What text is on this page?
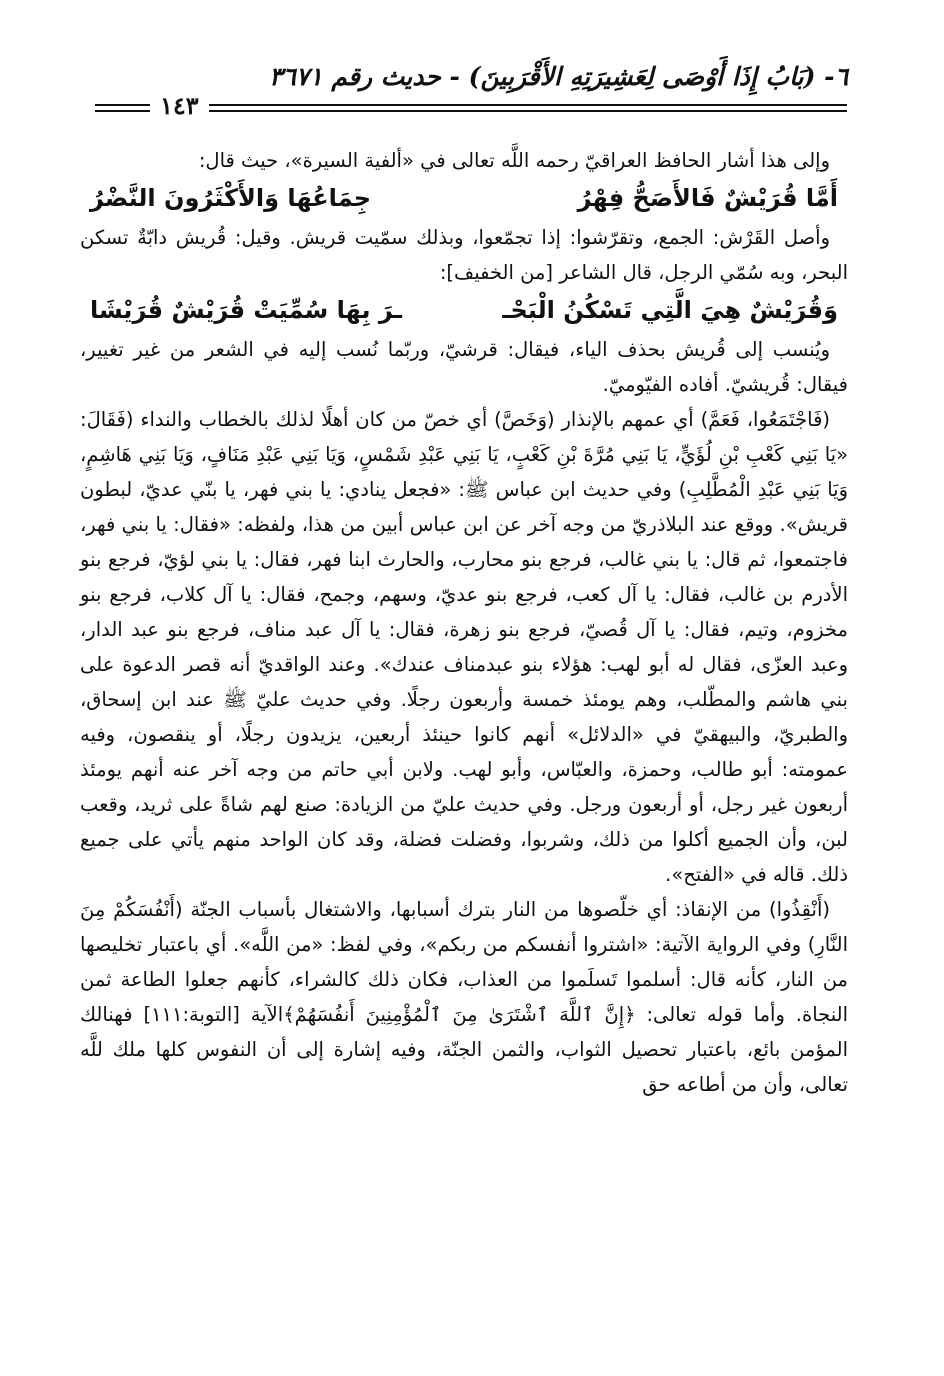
٦- (بَابُ إِذَا أَوْصَى لِعَشِيرَتِهِ الأَقْرَبِينَ) - حديث رقم ٣٦٧١
١٤٣

وإلى هذا أشار الحافظ العراقيّ رحمه اللَّه تعالى في «ألفية السيرة»، حيث قال:

أَمَّا قُرَيْشٌ فَالأَصَحُّ فِهْرُ
جِمَاعُهَا وَالأَكْثَرُونَ النَّضْرُ

وأصل القَرْش: الجمع، وتقرّشوا: إذا تجمّعوا، وبذلك سمّيت قريش. وقيل: قُريش دابّةٌ تسكن البحر، وبه سُمّي الرجل، قال الشاعر [من الخفيف]:

وَقُرَيْشٌ هِيَ الَّتِي تَسْكُنُ الْبَحْـ
ـرَ بِهَا سُمِّيَتْ قُرَيْشٌ قُرَيْشَا

ويُنسب إلى قُريش بحذف الياء، فيقال: قرشيّ، وربّما نُسب إليه في الشعر من غير تغيير، فيقال: قُريشيّ. أفاده الفيّوميّ.

(فَاجْتَمَعُوا، فَعَمَّ) أي عمهم بالإنذار (وَخَصَّ) أي خصّ من كان أهلًا لذلك بالخطاب والنداء (فَقَالَ: «يَا بَنِي كَعْبِ بْنِ لُؤَيٍّ، يَا بَنِي مُرَّةَ بْنِ كَعْبٍ، يَا بَنِي عَبْدِ شَمْسٍ، وَيَا بَنِي عَبْدِ مَنَافٍ، وَيَا بَنِي هَاشِمٍ، وَيَا بَنِي عَبْدِ الْمُطَّلِبِ) وفي حديث ابن عباس ﷺ: «فجعل ينادي: يا بني فهر، يا بنّي عديّ، لبطون قريش». ووقع عند البلاذريّ من وجه آخر عن ابن عباس أبين من هذا، ولفظه: «فقال: يا بني فهر، فاجتمعوا، ثم قال: يا بني غالب، فرجع بنو محارب، والحارث ابنا فهر، فقال: يا بني لؤيّ، فرجع بنو الأدرم بن غالب، فقال: يا آل كعب، فرجع بنو عديّ، وسهم، وجمح، فقال: يا آل كلاب، فرجع بنو مخزوم، وتيم، فقال: يا آل قُصيّ، فرجع بنو زهرة، فقال: يا آل عبد مناف، فرجع بنو عبد الدار، وعبد العزّى، فقال له أبو لهب: هؤلاء بنو عبدمناف عندك». وعند الواقديّ أنه قصر الدعوة على بني هاشم والمطّلب، وهم يومئذ خمسة وأربعون رجلًا. وفي حديث عليّ ﷺ عند ابن إسحاق، والطبريّ، والبيهقيّ في «الدلائل» أنهم كانوا حينئذ أربعين، يزيدون رجلًا، أو ينقصون، وفيه عمومته: أبو طالب، وحمزة، والعبّاس، وأبو لهب. ولابن أبي حاتم من وجه آخر عنه أنهم يومئذ أربعون غير رجل، أو أربعون ورجل. وفي حديث عليّ من الزيادة: صنع لهم شاةً على ثريد، وقعب لبن، وأن الجميع أكلوا من ذلك، وشربوا، وفضلت فضلة، وقد كان الواحد منهم يأتي على جميع ذلك. قاله في «الفتح».

(أَنْقِذُوا) من الإنقاذ: أي خلّصوها من النار بترك أسبابها، والاشتغال بأسباب الجنّة (أَنْفُسَكُمْ مِنَ النَّارِ) وفي الرواية الآتية: «اشتروا أنفسكم من ربكم»، وفي لفظ: «من اللَّه». أي باعتبار تخليصها من النار، كأنه قال: أسلموا تَسلَموا من العذاب، فكان ذلك كالشراء، كأنهم جعلوا الطاعة ثمن النجاة. وأما قوله تعالى: ﴿إِنَّ ٱللَّهَ ٱشْتَرَىٰ مِنَ ٱلْمُؤْمِنِينَ أَنفُسَهُمْ﴾الآية [التوبة:١١١] فهنالك المؤمن بائع، باعتبار تحصيل الثواب، والثمن الجنّة، وفيه إشارة إلى أن النفوس كلها ملك للَّه تعالى، وأن من أطاعه حق
